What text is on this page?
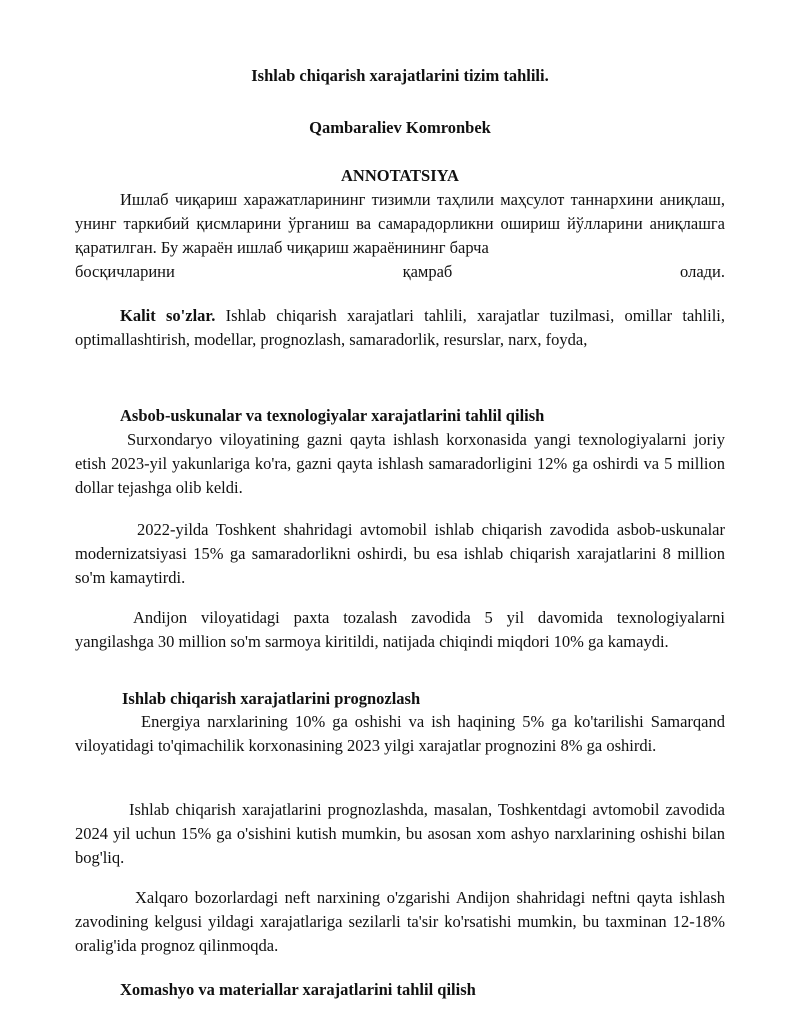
Ishlab chiqarish xarajatlarini tizim tahlili.
Qambaraliev Komronbek
ANNOTATSIYA
Ишлаб чиқариш харажатларининг тизимли таҳлили маҳсулот таннархини аниқлаш, унинг таркибий қисмларини ўрганиш ва самарадорликни ошириш йўлларини аниқлашга қаратилган. Бу жараён ишлаб чиқариш жараёнининг барча
босқичларини	қамраб	олади.
Kalit so'zlar. Ishlab chiqarish xarajatlari tahlili, xarajatlar tuzilmasi, omillar tahlili, optimallashtirish, modellar, prognozlash, samaradorlik, resurslar, narx, foyda,
Asbob-uskunalar va texnologiyalar xarajatlarini tahlil qilish
Surxondaryo viloyatining gazni qayta ishlash korxonasida yangi texnologiyalarni joriy etish 2023-yil yakunlariga ko'ra, gazni qayta ishlash samaradorligini 12% ga oshirdi va 5 million dollar tejashga olib keldi.
2022-yilda Toshkent shahridagi avtomobil ishlab chiqarish zavodida asbob-uskunalar modernizatsiyasi 15% ga samaradorlikni oshirdi, bu esa ishlab chiqarish xarajatlarini 8 million so'm kamaytirdi.
Andijon viloyatidagi paxta tozalash zavodida 5 yil davomida texnologiyalarni yangilashga 30 million so'm sarmoya kiritildi, natijada chiqindi miqdori 10% ga kamaydi.
Ishlab chiqarish xarajatlarini prognozlash
Energiya narxlarining 10% ga oshishi va ish haqining 5% ga ko'tarilishi Samarqand viloyatidagi to'qimachilik korxonasining 2023 yilgi xarajatlar prognozini 8% ga oshirdi.
Ishlab chiqarish xarajatlarini prognozlashda, masalan, Toshkentdagi avtomobil zavodida 2024 yil uchun 15% ga o'sishini kutish mumkin, bu asosan xom ashyo narxlarining oshishi bilan bog'liq.
Xalqaro bozorlardagi neft narxining o'zgarishi Andijon shahridagi neftni qayta ishlash zavodining kelgusi yildagi xarajatlariga sezilarli ta'sir ko'rsatishi mumkin, bu taxminan 12-18% oralig'ida prognoz qilinmoqda.
Xomashyo va materiallar xarajatlarini tahlil qilish
